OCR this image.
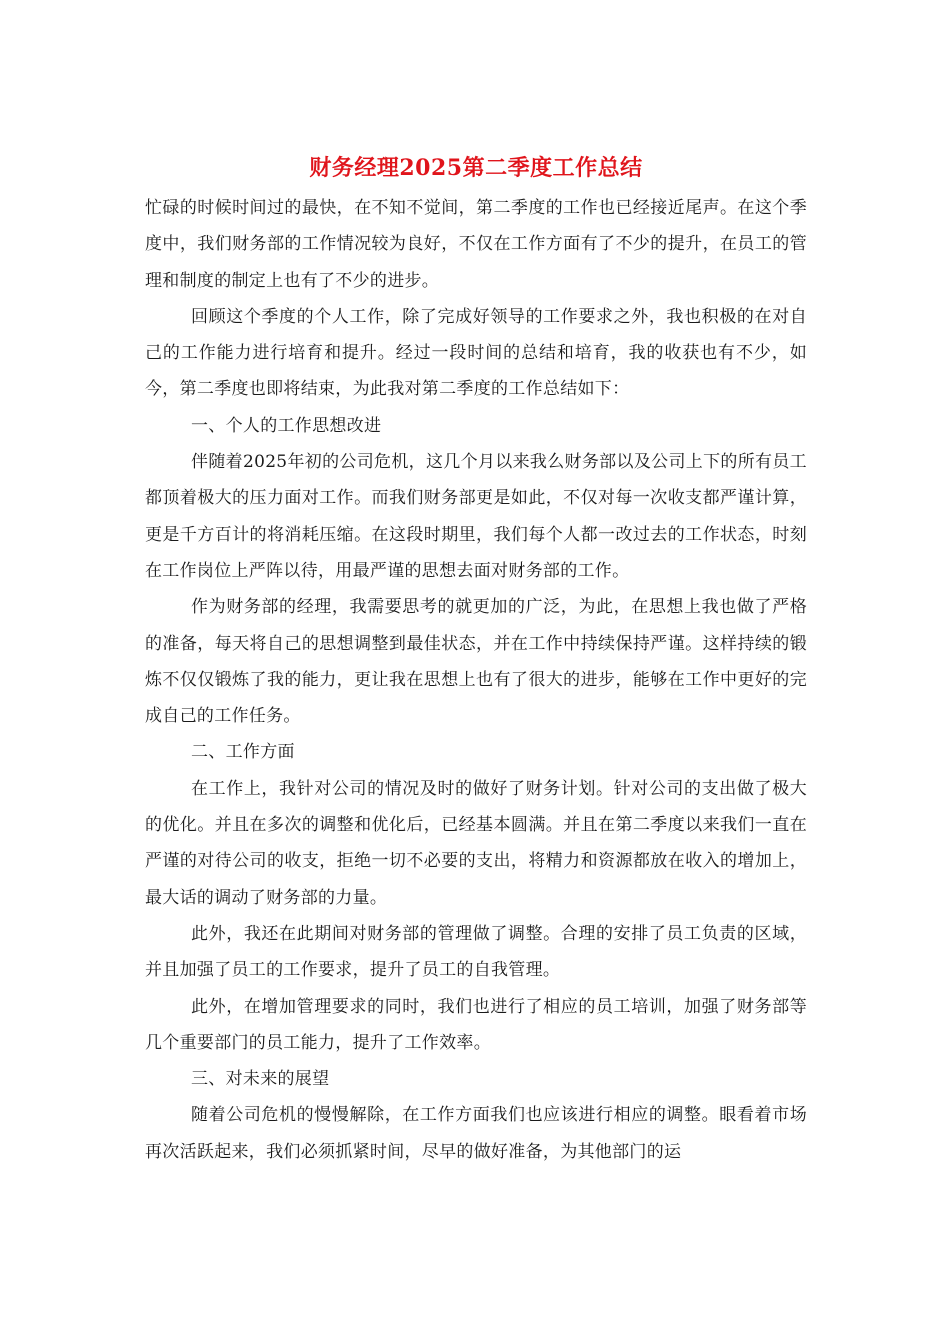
财务经理2025第二季度工作总结

忙碌的时候时间过的最快，在不知不觉间，第二季度的工作也已经接近尾声。在这个季度中，我们财务部的工作情况较为良好，不仅在工作方面有了不少的提升，在员工的管理和制度的制定上也有了不少的进步。

回顾这个季度的个人工作，除了完成好领导的工作要求之外，我也积极的在对自己的工作能力进行培育和提升。经过一段时间的总结和培育，我的收获也有不少，如今，第二季度也即将结束，为此我对第二季度的工作总结如下：

一、个人的工作思想改进

伴随着2025年初的公司危机，这几个月以来我么财务部以及公司上下的所有员工都顶着极大的压力面对工作。而我们财务部更是如此，不仅对每一次收支都严谨计算，更是千方百计的将消耗压缩。在这段时期里，我们每个人都一改过去的工作状态，时刻在工作岗位上严阵以待，用最严谨的思想去面对财务部的工作。

作为财务部的经理，我需要思考的就更加的广泛，为此，在思想上我也做了严格的准备，每天将自己的思想调整到最佳状态，并在工作中持续保持严谨。这样持续的锻炼不仅仅锻炼了我的能力，更让我在思想上也有了很大的进步，能够在工作中更好的完成自己的工作任务。

二、工作方面

在工作上，我针对公司的情况及时的做好了财务计划。针对公司的支出做了极大的优化。并且在多次的调整和优化后，已经基本圆满。并且在第二季度以来我们一直在严谨的对待公司的收支，拒绝一切不必要的支出，将精力和资源都放在收入的增加上，最大话的调动了财务部的力量。

此外，我还在此期间对财务部的管理做了调整。合理的安排了员工负责的区域，并且加强了员工的工作要求，提升了员工的自我管理。

此外，在增加管理要求的同时，我们也进行了相应的员工培训，加强了财务部等几个重要部门的员工能力，提升了工作效率。

三、对未来的展望

随着公司危机的慢慢解除，在工作方面我们也应该进行相应的调整。眼看着市场再次活跃起来，我们必须抓紧时间，尽早的做好准备，为其他部门的运
